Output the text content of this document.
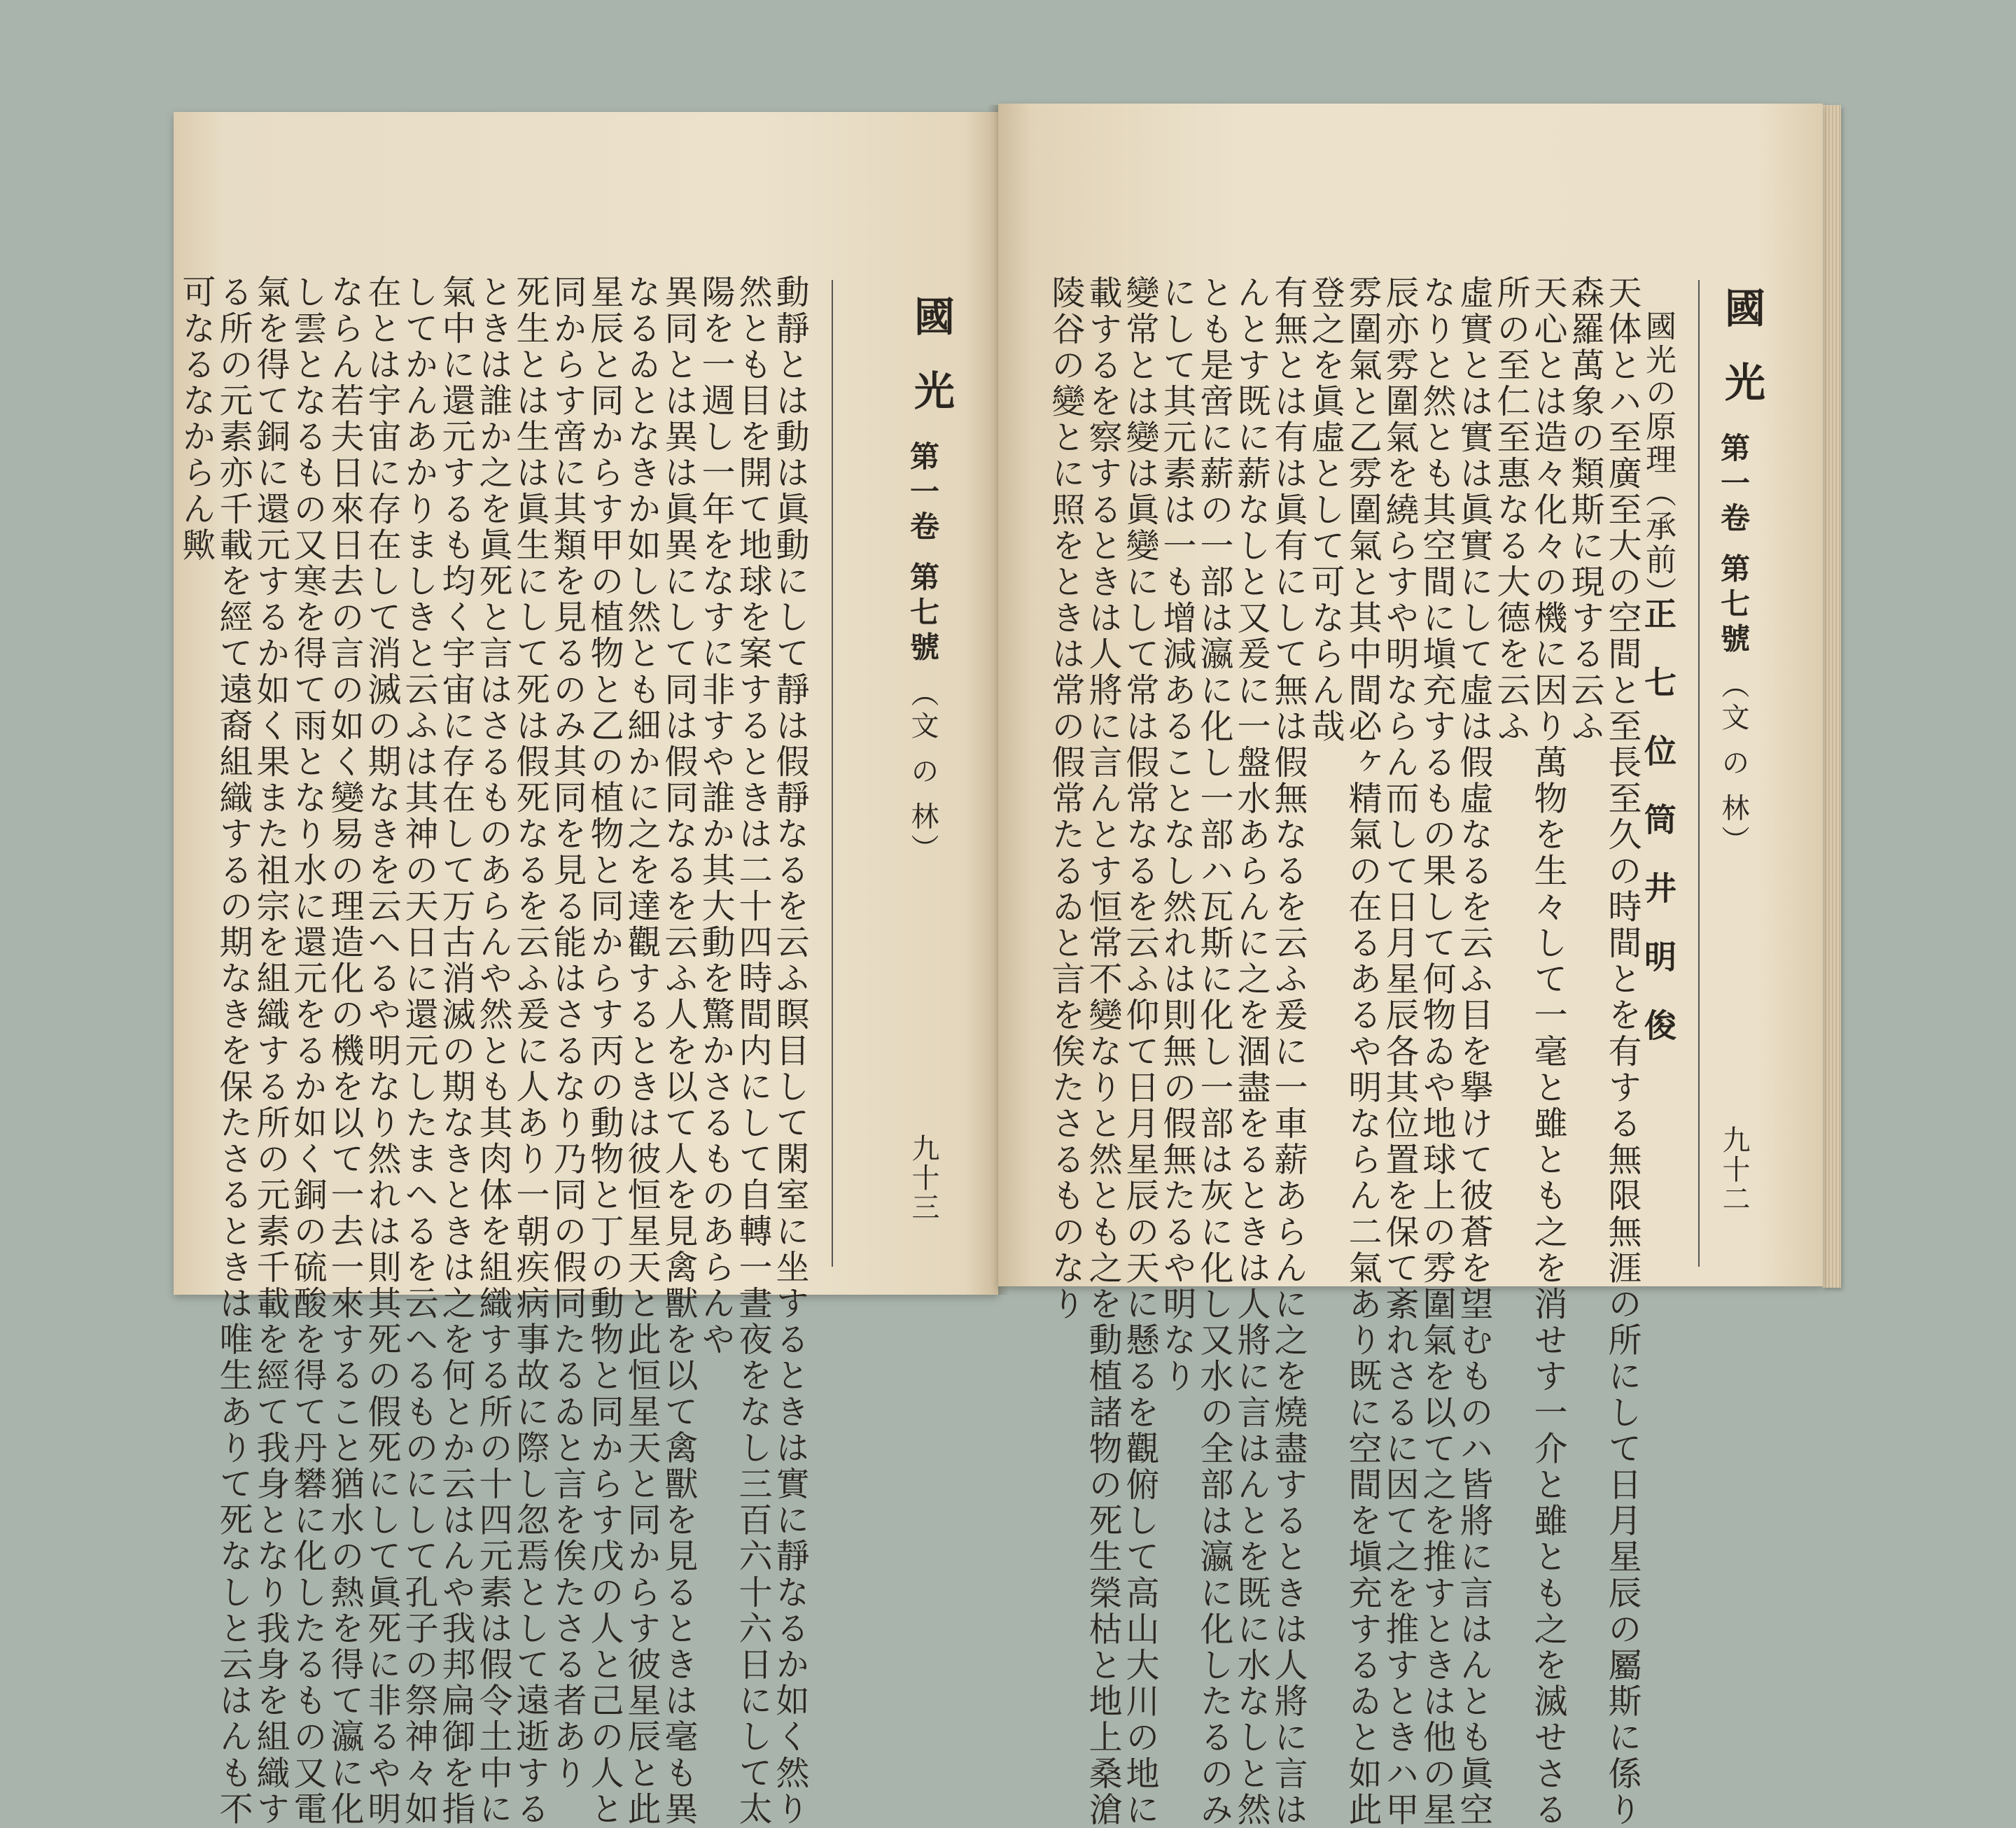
國 光
第一卷 第七號
（文 の 林）
九十三
動靜とは動は眞動にして靜は假靜なるを云ふ瞑目して閑室に坐するときは實に靜なるか如く然り
然とも目を開て地球を案するときは二十四時間内にして自轉一晝夜をなし三百六十六日にして太
陽を一週し一年をなすに非すや誰か其大動を驚かさるものあらんや
異同とは異は眞異にして同は假同なるを云ふ人を以て人を見禽獸を以て禽獸を見るときは毫も異
なるゐとなきか如し然とも細かに之を達觀するときは彼恒星天と此恒星天と同からす彼星辰と此
星辰と同からす甲の植物と乙の植物と同からす丙の動物と丁の動物と同からす戊の人と己の人と
同からす啻に其類を見るのみ其同を見る能はさるなり乃同の假同たるゐと言を俟たさる者あり
死生とは生は眞生にして死は假死なるを云ふ爰に人あり一朝疾病事故に際し忽焉として遠逝する
ときは誰か之を眞死と言はさるものあらんや然とも其肉体を組織する所の十四元素は假令土中に
氣中に還元するも均く宇宙に存在して万古消滅の期なきときは之を何とか云はんや我邦扁御を指
してかんあかりましきと云ふは其神の天日に還元したまへるを云へるものにして孔子の祭神々如
在とは宇宙に存在して消滅の期なきを云へるや明なり然れは則其死の假死にして眞死に非るや明
ならん若夫日來日去の言の如く變易の理造化の機を以て一去一來すること猶水の熱を得て瀛に化
し雲となるもの又寒を得て雨となり水に還元をるか如く銅の硫酸を得て丹礬に化したるもの又電
氣を得て銅に還元するか如く果また祖宗を組織する所の元素千載を經て我身となり我身を組織す
る所の元素亦千載を經て遠裔組織するの期なきを保たさるときは唯生ありて死なしと云はんも不
可なるなからん歟	國 光
第一卷 第七號
（文 の 林）
九十二
國光の原理（承前）
正 七 位 筒 井 明 俊
天体とハ至廣至大の空間と至長至久の時間とを有する無限無涯の所にして日月星辰の屬斯に係り
森羅萬象の類斯に現する云ふ
天心とは造々化々の機に因り萬物を生々して一毫と雖とも之を消せす一介と雖とも之を滅せさる
所の至仁至惠なる大德を云ふ
虛實とは實は眞實にして虛は假虛なるを云ふ目を擧けて彼蒼を望むものハ皆將に言はんとも眞空
なりと然とも其空間に塡充するもの果して何物ゐや地球上の雰圍氣を以て之を推すときは他の星
辰亦雰圍氣を繞らすや明ならん而して日月星辰各其位置を保て紊れさるに因て之を推すときハ甲
雰圍氣と乙雰圍氣と其中間必ヶ精氣の在るあるや明ならん二氣あり既に空間を塡充するゐと如此
登之を眞虛として可ならん哉
有無とは有は眞有にして無は假無なるを云ふ爰に一車薪あらんに之を燒盡するときは人將に言は
んとす既に薪なしと又爰に一盤水あらんに之を涸盡をるときは人將に言はんとを既に水なしと然
とも是啻に薪の一部は瀛に化し一部ハ瓦斯に化し一部は灰に化し又水の全部は瀛に化したるのみ
にして其元素は一も增減あることなし然れは則無の假無たるや明なり
變常とは變は眞變にして常は假常なるを云ふ仰て日月星辰の天に懸るを觀俯して高山大川の地に
載するを察するときは人將に言んとす恒常不變なりと然とも之を動植諸物の死生榮枯と地上桑滄
陵谷の變とに照をときは常の假常たるゐと言を俟たさるものなり
